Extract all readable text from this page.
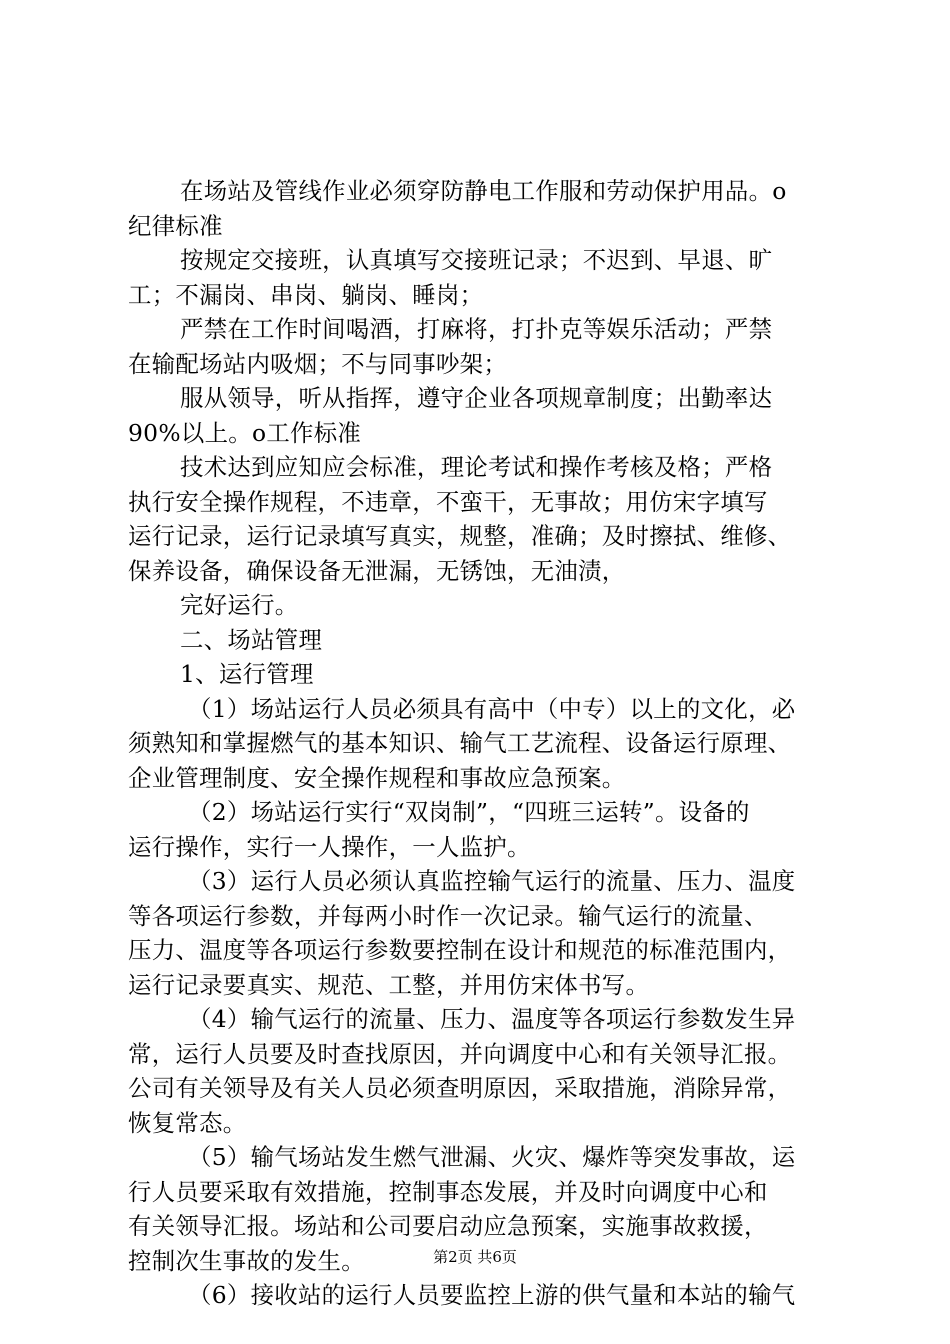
在场站及管线作业必须穿防静电工作服和劳动保护用品。o
纪律标准
按规定交接班，认真填写交接班记录；不迟到、早退、旷
工；不漏岗、串岗、躺岗、睡岗；
严禁在工作时间喝酒，打麻将，打扑克等娱乐活动；严禁
在输配场站内吸烟；不与同事吵架；
服从领导，听从指挥，遵守企业各项规章制度；出勤率达
90%以上。o工作标准
技术达到应知应会标准，理论考试和操作考核及格；严格
执行安全操作规程，不违章，不蛮干，无事故；用仿宋字填写
运行记录，运行记录填写真实，规整，准确；及时擦拭、维修、
保养设备，确保设备无泄漏，无锈蚀，无油渍，
完好运行。
二、场站管理
1、运行管理
（1）场站运行人员必须具有高中（中专）以上的文化，必
须熟知和掌握燃气的基本知识、输气工艺流程、设备运行原理、
企业管理制度、安全操作规程和事故应急预案。
（2）场站运行实行“双岗制”，“四班三运转”。设备的
运行操作，实行一人操作，一人监护。
（3）运行人员必须认真监控输气运行的流量、压力、温度
等各项运行参数，并每两小时作一次记录。输气运行的流量、
压力、温度等各项运行参数要控制在设计和规范的标准范围内，
运行记录要真实、规范、工整，并用仿宋体书写。
（4）输气运行的流量、压力、温度等各项运行参数发生异
常，运行人员要及时查找原因，并向调度中心和有关领导汇报。
公司有关领导及有关人员必须查明原因，采取措施，消除异常，
恢复常态。
（5）输气场站发生燃气泄漏、火灾、爆炸等突发事故，运
行人员要采取有效措施，控制事态发展，并及时向调度中心和
有关领导汇报。场站和公司要启动应急预案，实施事故救援，
控制次生事故的发生。
（6）接收站的运行人员要监控上游的供气量和本站的输气
第2页 共6页
